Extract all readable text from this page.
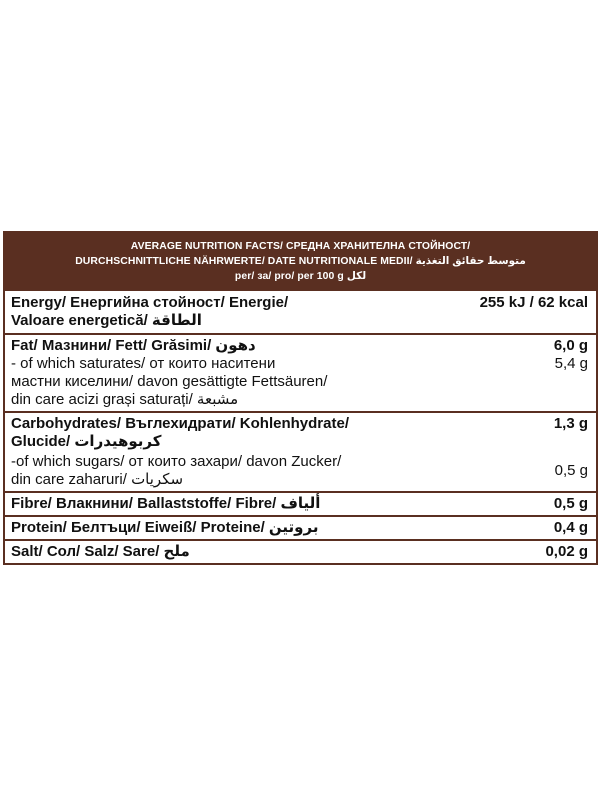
AVERAGE NUTRITION FACTS/ СРЕДНА ХРАНИТЕЛНА СТОЙНОСТ/
DURCHSCHNITTLICHE NÄHRWERTE/ DATE NUTRITIONALE MEDII/ متوسط حقائق التغذية
per/ за/ pro/ per 100 g لكل
Energy/ Енергийна стойност/ Energie/
Valoare energetică/ الطاقة
255 kJ / 62 kcal
Fat/ Мазнини/ Fett/ Grăsimi/ دهون	6,0 g
- of which saturates/ от които наситени	5,4 g
мастни киселини/ davon gesättigte Fettsäuren/
din care acizi grași saturați/ مشبعة
Carbohydrates/ Въглехидрати/ Kohlenhydrate/	1,3 g
Glucide/ كربوهيدرات
-of which sugars/ от които захари/ davon Zucker/
din care zaharuri/ سكريات
0,5 g
Fibre/ Влакнини/ Ballaststoffe/ Fibre/ ألياف	0,5 g
Protein/ Белтъци/ Eiweiß/ Proteine/ بروتين	0,4 g
Salt/ Сол/ Salz/ Sare/ ملح	0,02 g
